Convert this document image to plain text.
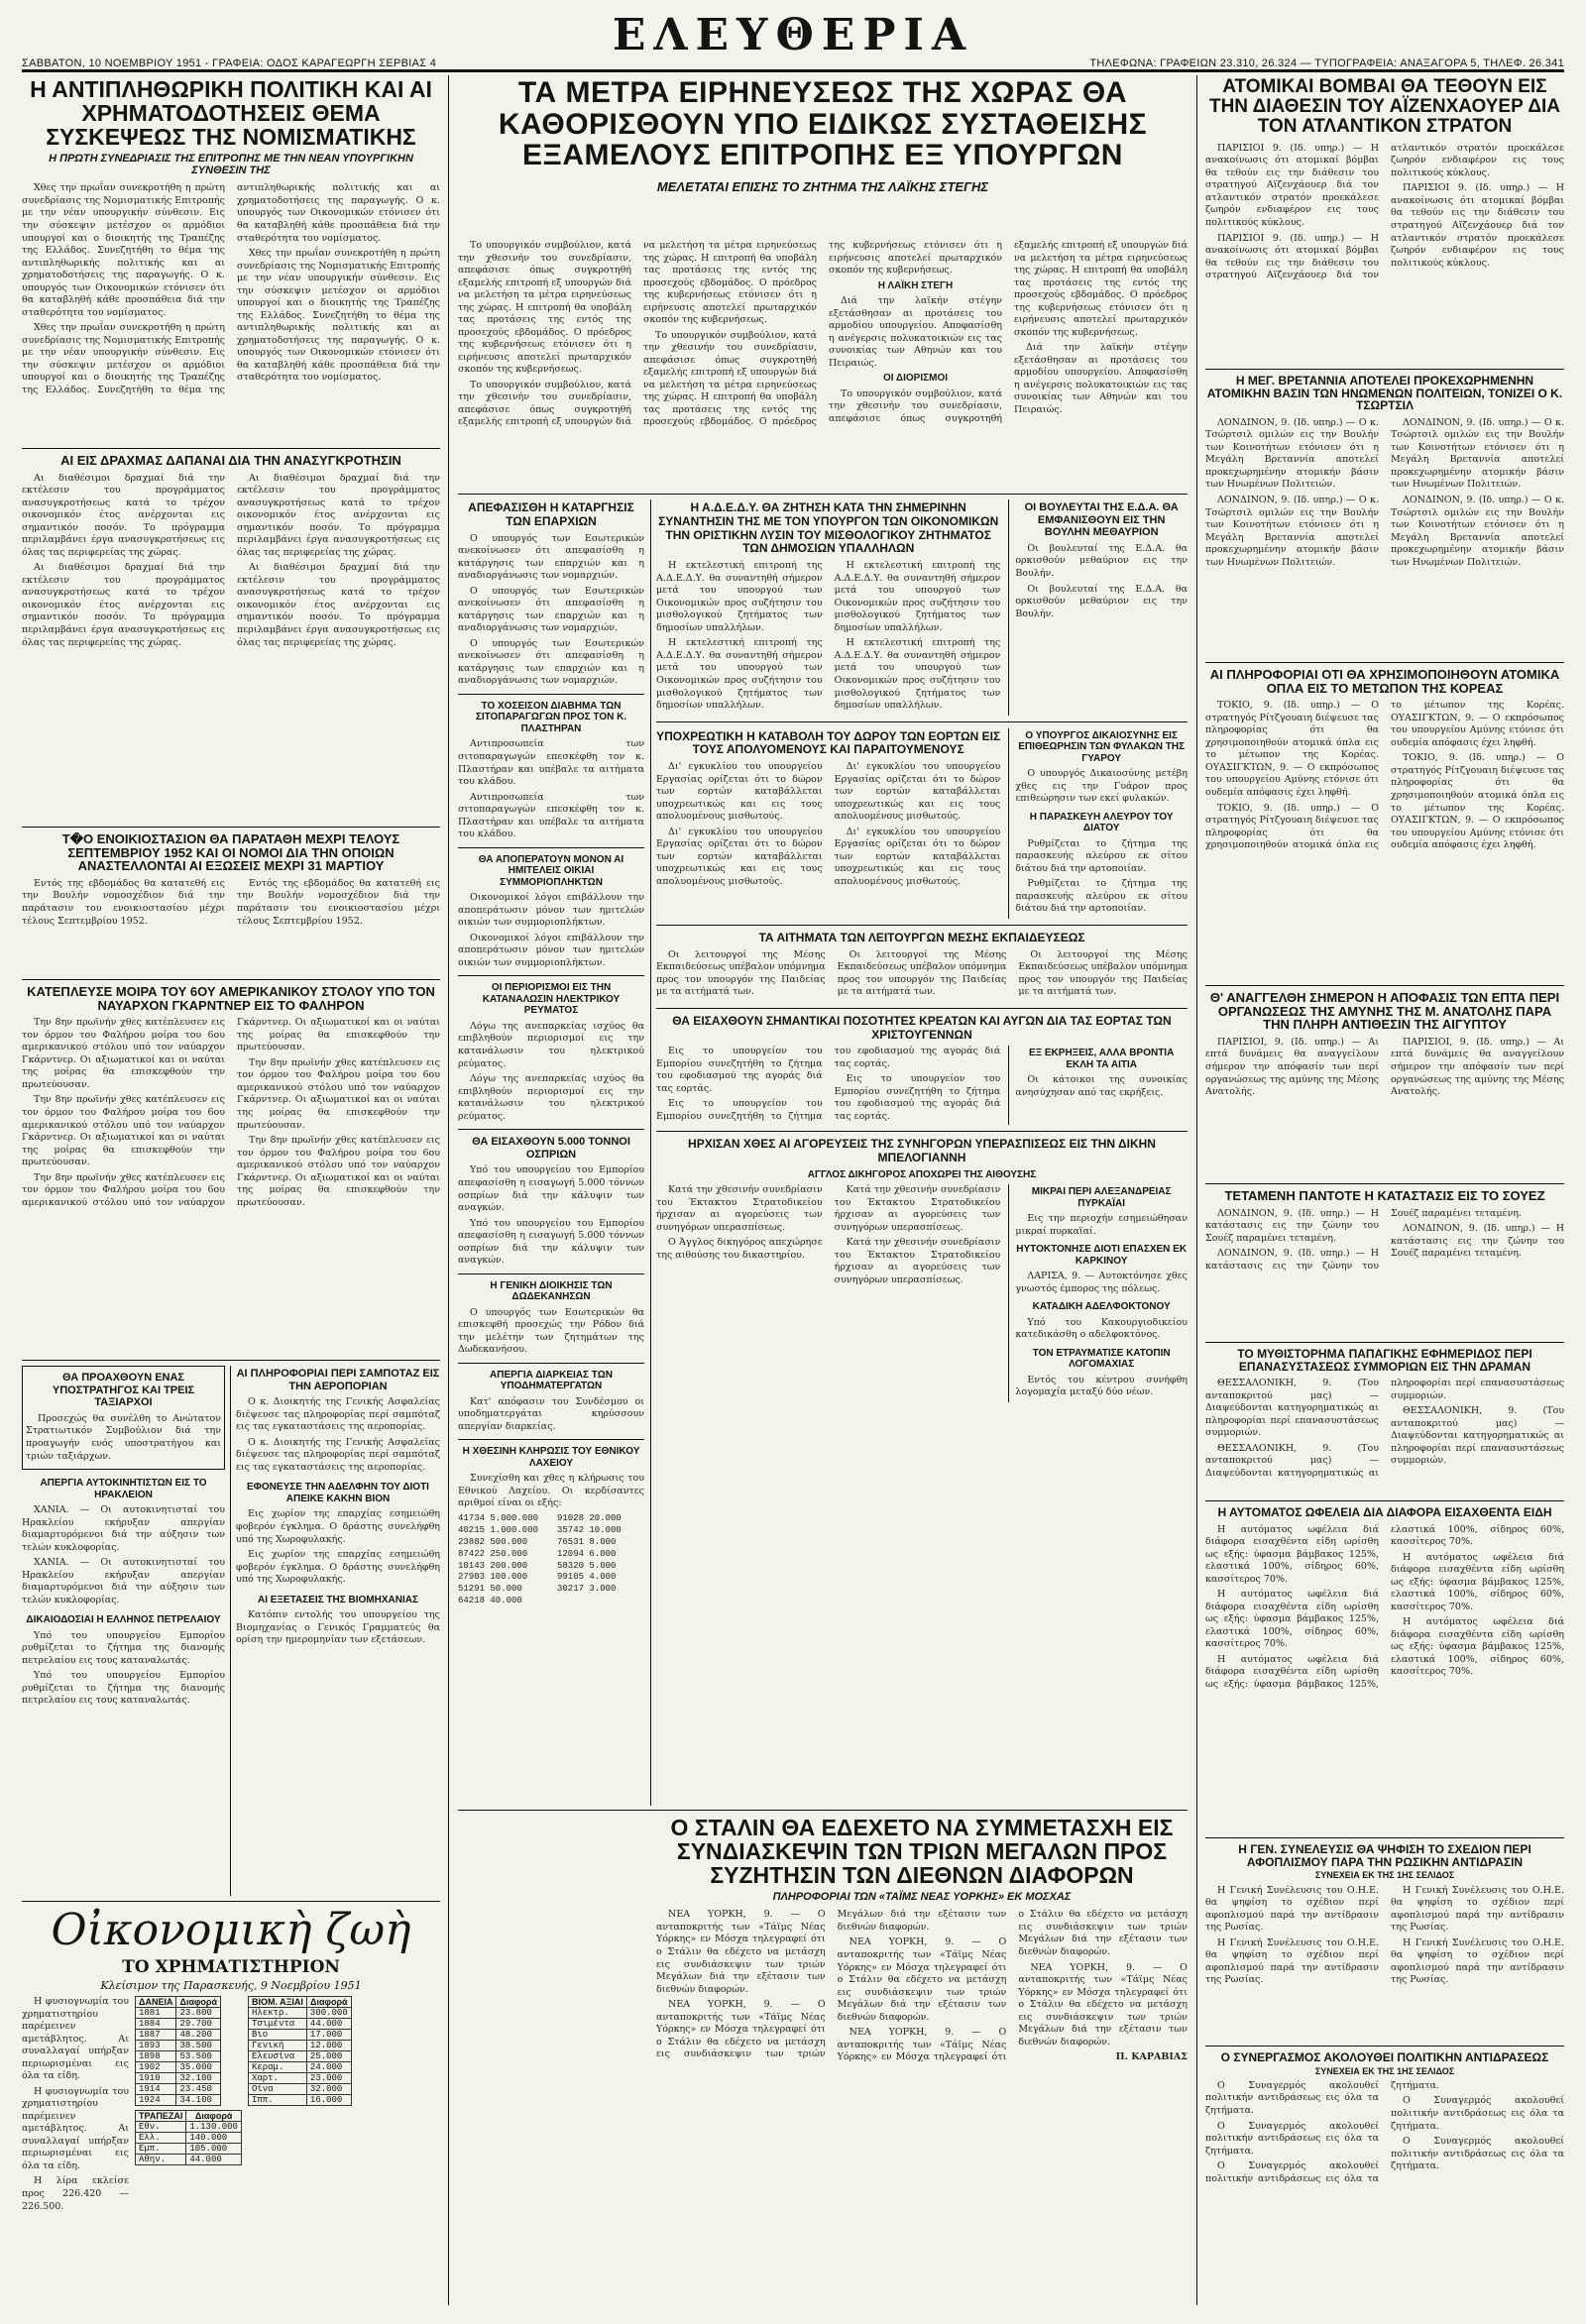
ΣΑΒΒΑΤΟΝ, 10 ΝΟΕΜΒΡΙΟΥ 1951 - ΓΡΑΦΕΙΑ: ΟΔΟΣ ΚΑΡΑΓΕΩΡΓΗ ΣΕΡΒΙΑΣ 4
ΕΛΕΥΘΕΡΙΑ
ΤΗΛΕΦΩΝΑ: ΓΡΑΦΕΙΩΝ 23.310, 26.324 — ΤΥΠΟΓΡΑΦΕΙΑ: ΑΝΑΞΑΓΟΡΑ 5, ΤΗΛΕΦ. 26.341
Η ΑΝΤΙΠΛΗΘΩΡΙΚΗ ΠΟΛΙΤΙΚΗ ΚΑΙ ΑΙ ΧΡΗΜΑΤΟΔΟΤΗΣΕΙΣ ΘΕΜΑ ΣΥΣΚΕΨΕΩΣ ΤΗΣ ΝΟΜΙΣΜΑΤΙΚΗΣ
Η ΠΡΩΤΗ ΣΥΝΕΔΡΙΑΣΙΣ ΤΗΣ ΕΠΙΤΡΟΠΗΣ ΜΕ ΤΗΝ ΝΕΑΝ ΥΠΟΥΡΓΙΚΗΝ ΣΥΝΘΕΣΙΝ ΤΗΣ

Χθες την πρωΐαν συνεκροτήθη η πρώτη συνεδρίασις της Νομισματικής Επιτροπής με την νέαν υπουργικήν σύνθεσιν. Εις την σύσκεψιν μετέσχον οι αρμόδιοι υπουργοί και ο διοικητής της Τραπέζης της Ελλάδος. Συνεζητήθη το θέμα της αντιπληθωρικής πολιτικής και αι χρηματοδοτήσεις της παραγωγής. Ο κ. υπουργός των Οικονομικών ετόνισεν ότι θα καταβληθή κάθε προσπάθεια διά την σταθερότητα του νομίσματος.

Χθες την πρωΐαν συνεκροτήθη η πρώτη συνεδρίασις της Νομισματικής Επιτροπής με την νέαν υπουργικήν σύνθεσιν. Εις την σύσκεψιν μετέσχον οι αρμόδιοι υπουργοί και ο διοικητής της Τραπέζης της Ελλάδος. Συνεζητήθη το θέμα της αντιπληθωρικής πολιτικής και αι χρηματοδοτήσεις της παραγωγής. Ο κ. υπουργός των Οικονομικών ετόνισεν ότι θα καταβληθή κάθε προσπάθεια διά την σταθερότητα του νομίσματος.

Χθες την πρωΐαν συνεκροτήθη η πρώτη συνεδρίασις της Νομισματικής Επιτροπής με την νέαν υπουργικήν σύνθεσιν. Εις την σύσκεψιν μετέσχον οι αρμόδιοι υπουργοί και ο διοικητής της Τραπέζης της Ελλάδος. Συνεζητήθη το θέμα της αντιπληθωρικής πολιτικής και αι χρηματοδοτήσεις της παραγωγής. Ο κ. υπουργός των Οικονομικών ετόνισεν ότι θα καταβληθή κάθε προσπάθεια διά την σταθερότητα του νομίσματος.

ΑΙ ΕΙΣ ΔΡΑΧΜΑΣ ΔΑΠΑΝΑΙ ΔΙΑ ΤΗΝ ΑΝΑΣΥΓΚΡΟΤΗΣΙΝ

Αι διαθέσιμοι δραχμαί διά την εκτέλεσιν του προγράμματος ανασυγκροτήσεως κατά το τρέχον οικονομικόν έτος ανέρχονται εις σημαντικόν ποσόν. Το πρόγραμμα περιλαμβάνει έργα ανασυγκροτήσεως εις όλας τας περιφερείας της χώρας.

Αι διαθέσιμοι δραχμαί διά την εκτέλεσιν του προγράμματος ανασυγκροτήσεως κατά το τρέχον οικονομικόν έτος ανέρχονται εις σημαντικόν ποσόν. Το πρόγραμμα περιλαμβάνει έργα ανασυγκροτήσεως εις όλας τας περιφερείας της χώρας.

Αι διαθέσιμοι δραχμαί διά την εκτέλεσιν του προγράμματος ανασυγκροτήσεως κατά το τρέχον οικονομικόν έτος ανέρχονται εις σημαντικόν ποσόν. Το πρόγραμμα περιλαμβάνει έργα ανασυγκροτήσεως εις όλας τας περιφερείας της χώρας.

Αι διαθέσιμοι δραχμαί διά την εκτέλεσιν του προγράμματος ανασυγκροτήσεως κατά το τρέχον οικονομικόν έτος ανέρχονται εις σημαντικόν ποσόν. Το πρόγραμμα περιλαμβάνει έργα ανασυγκροτήσεως εις όλας τας περιφερείας της χώρας.

Τ�O ΕΝΟΙΚΙΟΣΤΑΣΙΟΝ ΘΑ ΠΑΡΑΤΑΘΗ ΜΕΧΡΙ ΤΕΛΟΥΣ ΣΕΠΤΕΜΒΡΙΟΥ 1952 ΚΑΙ ΟΙ ΝΟΜΟΙ ΔΙΑ ΤΗΝ ΟΠΟΙΩΝ ΑΝΑΣΤΕΛΛΟΝΤΑΙ ΑΙ ΕΞΩΣΕΙΣ ΜΕΧΡΙ 31 ΜΑΡΤΙΟΥ

Εντός της εβδομάδος θα κατατεθή εις την Βουλήν νομοσχέδιον διά την παράτασιν του ενοικιοστασίου μέχρι τέλους Σεπτεμβρίου 1952.

Εντός της εβδομάδος θα κατατεθή εις την Βουλήν νομοσχέδιον διά την παράτασιν του ενοικιοστασίου μέχρι τέλους Σεπτεμβρίου 1952.

ΚΑΤΕΠΛΕΥΣΕ ΜΟΙΡΑ ΤΟΥ 6ΟΥ ΑΜΕΡΙΚΑΝΙΚΟΥ ΣΤΟΛΟΥ ΥΠΟ ΤΟΝ ΝΑΥΑΡΧΟΝ ΓΚΑΡΝΤΝΕΡ ΕΙΣ ΤΟ ΦΑΛΗΡΟΝ

Την 8ην πρωϊνήν χθες κατέπλευσεν εις τον όρμον του Φαλήρου μοίρα του 6ου αμερικανικού στόλου υπό τον ναύαρχον Γκάρντνερ. Οι αξιωματικοί και οι ναύται της μοίρας θα επισκεφθούν την πρωτεύουσαν.

Την 8ην πρωϊνήν χθες κατέπλευσεν εις τον όρμον του Φαλήρου μοίρα του 6ου αμερικανικού στόλου υπό τον ναύαρχον Γκάρντνερ. Οι αξιωματικοί και οι ναύται της μοίρας θα επισκεφθούν την πρωτεύουσαν.

Την 8ην πρωϊνήν χθες κατέπλευσεν εις τον όρμον του Φαλήρου μοίρα του 6ου αμερικανικού στόλου υπό τον ναύαρχον Γκάρντνερ. Οι αξιωματικοί και οι ναύται της μοίρας θα επισκεφθούν την πρωτεύουσαν.

Την 8ην πρωϊνήν χθες κατέπλευσεν εις τον όρμον του Φαλήρου μοίρα του 6ου αμερικανικού στόλου υπό τον ναύαρχον Γκάρντνερ. Οι αξιωματικοί και οι ναύται της μοίρας θα επισκεφθούν την πρωτεύουσαν.

Την 8ην πρωϊνήν χθες κατέπλευσεν εις τον όρμον του Φαλήρου μοίρα του 6ου αμερικανικού στόλου υπό τον ναύαρχον Γκάρντνερ. Οι αξιωματικοί και οι ναύται της μοίρας θα επισκεφθούν την πρωτεύουσαν.

ΘΑ ΠΡΟΑΧΘΟΥΝ ΕΝΑΣ ΥΠΟΣΤΡΑΤΗΓΟΣ ΚΑΙ ΤΡΕΙΣ ΤΑΞΙΑΡΧΟΙ

Προσεχώς θα συνέλθη το Ανώτατον Στρατιωτικόν Συμβούλιον διά την προαγωγήν ενός υποστρατήγου και τριών ταξιάρχων.

ΑΠΕΡΓΙΑ ΑΥΤΟΚΙΝΗΤΙΣΤΩΝ ΕΙΣ ΤΟ ΗΡΑΚΛΕΙΟΝ

ΧΑΝΙΑ. — Οι αυτοκινητισταί του Ηρακλείου εκήρυξαν απεργίαν διαμαρτυρόμενοι διά την αύξησιν των τελών κυκλοφορίας.

ΧΑΝΙΑ. — Οι αυτοκινητισταί του Ηρακλείου εκήρυξαν απεργίαν διαμαρτυρόμενοι διά την αύξησιν των τελών κυκλοφορίας.

ΔΙΚΑΙΟΔΟΣΙΑΙ Η ΕΛΛΗΝΟΣ ΠΕΤΡΕΛΑΙΟΥ

Υπό του υπουργείου Εμπορίου ρυθμίζεται το ζήτημα της διανομής πετρελαίου εις τους καταναλωτάς.

Υπό του υπουργείου Εμπορίου ρυθμίζεται το ζήτημα της διανομής πετρελαίου εις τους καταναλωτάς.

ΑΙ ΠΛΗΡΟΦΟΡΙΑΙ ΠΕΡΙ ΣΑΜΠΟΤΑΖ ΕΙΣ ΤΗΝ ΑΕΡΟΠΟΡΙΑΝ

Ο κ. Διοικητής της Γενικής Ασφαλείας διέψευσε τας πληροφορίας περί σαμπόταζ εις τας εγκαταστάσεις της αεροπορίας.

Ο κ. Διοικητής της Γενικής Ασφαλείας διέψευσε τας πληροφορίας περί σαμπόταζ εις τας εγκαταστάσεις της αεροπορίας.

ΕΦΟΝΕΥΣΕ ΤΗΝ ΑΔΕΛΦΗΝ ΤΟΥ ΔΙΟΤΙ ΑΠΕΙΚΕ ΚΑΚΗΝ ΒΙΟΝ

Εις χωρίον της επαρχίας εσημειώθη φοβερόν έγκλημα. Ο δράστης συνελήφθη υπό της Χωροφυλακής.

Εις χωρίον της επαρχίας εσημειώθη φοβερόν έγκλημα. Ο δράστης συνελήφθη υπό της Χωροφυλακής.

ΑΙ ΕΞΕΤΑΣΕΙΣ ΤΗΣ ΒΙΟΜΗΧΑΝΙΑΣ

Κατόπιν εντολής του υπουργείου της Βιομηχανίας ο Γενικός Γραμματεύς θα ορίση την ημερομηνίαν των εξετάσεων.

Οἰκονομικὴ ζωὴ
ΤΟ ΧΡΗΜΑΤΙΣΤΗΡΙΟΝ
Κλείσιμον της Παρασκευής, 9 Νοεμβρίου 1951

Η φυσιογνωμία του χρηματιστηρίου παρέμεινεν αμετάβλητος. Αι συναλλαγαί υπήρξαν περιωρισμέναι εις όλα τα είδη.

Η φυσιογνωμία του χρηματιστηρίου παρέμεινεν αμετάβλητος. Αι συναλλαγαί υπήρξαν περιωρισμέναι εις όλα τα είδη.

Η λίρα εκλείσε προς 226.420 — 226.500.

ΔΑΝΕΙΑ	Διαφορά
1881	23.800
1884	29.700
1887	48.200
1893	38.500
1898	53.500
1902	35.000
1910	32.100
1914	23.450
1924	34.100
ΤΡΑΠΕΖΑΙ	Διαφορά
Εθν.	1.130.000
Ελλ.	140.000
Εμπ.	105.000
Αθην.	44.000
ΒΙΟΜ. ΑΞΙΑΙ	Διαφορά
Ηλεκτρ.	300.000
Τσιμέντα	44.000
Βιο	17.000
Γενική	12.000
Ελευσίνα	25.000
Κεραμ.	24.000
Χαρτ.	23.000
Οίνα	32.000
Ιππ.	16.000
ΤΑ ΜΕΤΡΑ ΕΙΡΗΝΕΥΣΕΩΣ ΤΗΣ ΧΩΡΑΣ ΘΑ ΚΑΘΟΡΙΣΘΟΥΝ ΥΠΟ ΕΙΔΙΚΩΣ ΣΥΣΤΑΘΕΙΣΗΣ ΕΞΑΜΕΛΟΥΣ ΕΠΙΤΡΟΠΗΣ ΕΞ ΥΠΟΥΡΓΩΝ
ΜΕΛΕΤΑΤΑΙ ΕΠΙΣΗΣ ΤΟ ΖΗΤΗΜΑ ΤΗΣ ΛΑΪΚΗΣ ΣΤΕΓΗΣ

Το υπουργικόν συμβούλιον, κατά την χθεσινήν του συνεδρίασιν, απεφάσισε όπως συγκροτηθή εξαμελής επιτροπή εξ υπουργών διά να μελετήση τα μέτρα ειρηνεύσεως της χώρας. Η επιτροπή θα υποβάλη τας προτάσεις της εντός της προσεχούς εβδομάδος. Ο πρόεδρος της κυβερνήσεως ετόνισεν ότι η ειρήνευσις αποτελεί πρωταρχικόν σκοπόν της κυβερνήσεως.

Το υπουργικόν συμβούλιον, κατά την χθεσινήν του συνεδρίασιν, απεφάσισε όπως συγκροτηθή εξαμελής επιτροπή εξ υπουργών διά να μελετήση τα μέτρα ειρηνεύσεως της χώρας. Η επιτροπή θα υποβάλη τας προτάσεις της εντός της προσεχούς εβδομάδος. Ο πρόεδρος της κυβερνήσεως ετόνισεν ότι η ειρήνευσις αποτελεί πρωταρχικόν σκοπόν της κυβερνήσεως.

Το υπουργικόν συμβούλιον, κατά την χθεσινήν του συνεδρίασιν, απεφάσισε όπως συγκροτηθή εξαμελής επιτροπή εξ υπουργών διά να μελετήση τα μέτρα ειρηνεύσεως της χώρας. Η επιτροπή θα υποβάλη τας προτάσεις της εντός της προσεχούς εβδομάδος. Ο πρόεδρος της κυβερνήσεως ετόνισεν ότι η ειρήνευσις αποτελεί πρωταρχικόν σκοπόν της κυβερνήσεως.

Η ΛΑΪΚΗ ΣΤΕΓΗ

Διά την λαϊκήν στέγην εξετάσθησαν αι προτάσεις του αρμοδίου υπουργείου. Αποφασίσθη η ανέγερσις πολυκατοικιών εις τας συνοικίας των Αθηνών και του Πειραιώς.

ΟΙ ΔΙΟΡΙΣΜΟΙ

Το υπουργικόν συμβούλιον, κατά την χθεσινήν του συνεδρίασιν, απεφάσισε όπως συγκροτηθή εξαμελής επιτροπή εξ υπουργών διά να μελετήση τα μέτρα ειρηνεύσεως της χώρας. Η επιτροπή θα υποβάλη τας προτάσεις της εντός της προσεχούς εβδομάδος. Ο πρόεδρος της κυβερνήσεως ετόνισεν ότι η ειρήνευσις αποτελεί πρωταρχικόν σκοπόν της κυβερνήσεως.

Διά την λαϊκήν στέγην εξετάσθησαν αι προτάσεις του αρμοδίου υπουργείου. Αποφασίσθη η ανέγερσις πολυκατοικιών εις τας συνοικίας των Αθηνών και του Πειραιώς.

ΑΠΕΦΑΣΙΣΘΗ Η ΚΑΤΑΡΓΗΣΙΣ ΤΩΝ ΕΠΑΡΧΙΩΝ

Ο υπουργός των Εσωτερικών ανεκοίνωσεν ότι απεφασίσθη η κατάργησις των επαρχιών και η αναδιοργάνωσις των νομαρχιών.

Ο υπουργός των Εσωτερικών ανεκοίνωσεν ότι απεφασίσθη η κατάργησις των επαρχιών και η αναδιοργάνωσις των νομαρχιών.

Ο υπουργός των Εσωτερικών ανεκοίνωσεν ότι απεφασίσθη η κατάργησις των επαρχιών και η αναδιοργάνωσις των νομαρχιών.

ΤΟ ΧΟΣΕΙΣΟΝ ΔΙΑΒΗΜΑ ΤΩΝ ΣΙΤΟΠΑΡΑΓΩΓΩΝ ΠΡΟΣ ΤΟΝ Κ. ΠΛΑΣΤΗΡΑΝ

Αντιπροσωπεία των σιτοπαραγωγών επεσκέφθη τον κ. Πλαστήραν και υπέβαλε τα αιτήματα του κλάδου.

Αντιπροσωπεία των σιτοπαραγωγών επεσκέφθη τον κ. Πλαστήραν και υπέβαλε τα αιτήματα του κλάδου.

ΘΑ ΑΠΟΠΕΡΑΤΟΥΝ ΜΟΝΟΝ ΑΙ ΗΜΙΤΕΛΕΙΣ ΟΙΚΙΑΙ ΣΥΜΜΟΡΙΟΠΛΗΚΤΩΝ

Οικονομικοί λόγοι επιβάλλουν την αποπεράτωσιν μόνον των ημιτελών οικιών των συμμοριοπλήκτων.

Οικονομικοί λόγοι επιβάλλουν την αποπεράτωσιν μόνον των ημιτελών οικιών των συμμοριοπλήκτων.

ΟΙ ΠΕΡΙΟΡΙΣΜΟΙ ΕΙΣ ΤΗΝ ΚΑΤΑΝΑΛΩΣΙΝ ΗΛΕΚΤΡΙΚΟΥ ΡΕΥΜΑΤΟΣ

Λόγω της ανεπαρκείας ισχύος θα επιβληθούν περιορισμοί εις την κατανάλωσιν του ηλεκτρικού ρεύματος.

Λόγω της ανεπαρκείας ισχύος θα επιβληθούν περιορισμοί εις την κατανάλωσιν του ηλεκτρικού ρεύματος.

ΘΑ ΕΙΣΑΧΘΟΥΝ 5.000 ΤΟΝΝΟΙ ΟΣΠΡΙΩΝ

Υπό του υπουργείου του Εμπορίου απεφασίσθη η εισαγωγή 5.000 τόννων οσπρίων διά την κάλυψιν των αναγκών.

Υπό του υπουργείου του Εμπορίου απεφασίσθη η εισαγωγή 5.000 τόννων οσπρίων διά την κάλυψιν των αναγκών.

Η ΓΕΝΙΚΗ ΔΙΟΙΚΗΣΙΣ ΤΩΝ ΔΩΔΕΚΑΝΗΣΩΝ

Ο υπουργός των Εσωτερικών θα επισκεφθή προσεχώς την Ρόδον διά την μελέτην των ζητημάτων της Δωδεκανήσου.

ΑΠΕΡΓΙΑ ΔΙΑΡΚΕΙΑΣ ΤΩΝ ΥΠΟΔΗΜΑΤΕΡΓΑΤΩΝ

Κατ' απόφασιν του Συνδέσμου οι υποδηματεργάται κηρύσσουν απεργίαν διαρκείας.

Η ΧΘΕΣΙΝΗ ΚΛΗΡΩΣΙΣ ΤΟΥ ΕΘΝΙΚΟΥ ΛΑΧΕΙΟΥ

Συνεχίσθη και χθες η κλήρωσις του Εθνικού Λαχείου. Οι κερδίσαντες αριθμοί είναι οι εξής:

41734 5.000.000
40215 1.000.000
23882 500.000
87422 250.000
10143 200.000
27903 100.000
51291 50.000
64218 40.000
91028 20.000
35742 10.000
76531 8.000
12094 6.000
58320 5.000
99105 4.000
30217 3.000
Η Α.Δ.Ε.Δ.Υ. ΘΑ ΖΗΤΗΣΗ ΚΑΤΑ ΤΗΝ ΣΗΜΕΡΙΝΗΝ ΣΥΝΑΝΤΗΣΙΝ ΤΗΣ ΜΕ ΤΟΝ ΥΠΟΥΡΓΟΝ ΤΩΝ ΟΙΚΟΝΟΜΙΚΩΝ ΤΗΝ ΟΡΙΣΤΙΚΗΝ ΛΥΣΙΝ ΤΟΥ ΜΙΣΘΟΛΟΓΙΚΟΥ ΖΗΤΗΜΑΤΟΣ ΤΩΝ ΔΗΜΟΣΙΩΝ ΥΠΑΛΛΗΛΩΝ

Η εκτελεστική επιτροπή της Α.Δ.Ε.Δ.Υ. θα συναντηθή σήμερον μετά του υπουργού των Οικονομικών προς συζήτησιν του μισθολογικού ζητήματος των δημοσίων υπαλλήλων.

Η εκτελεστική επιτροπή της Α.Δ.Ε.Δ.Υ. θα συναντηθή σήμερον μετά του υπουργού των Οικονομικών προς συζήτησιν του μισθολογικού ζητήματος των δημοσίων υπαλλήλων.

Η εκτελεστική επιτροπή της Α.Δ.Ε.Δ.Υ. θα συναντηθή σήμερον μετά του υπουργού των Οικονομικών προς συζήτησιν του μισθολογικού ζητήματος των δημοσίων υπαλλήλων.

Η εκτελεστική επιτροπή της Α.Δ.Ε.Δ.Υ. θα συναντηθή σήμερον μετά του υπουργού των Οικονομικών προς συζήτησιν του μισθολογικού ζητήματος των δημοσίων υπαλλήλων.

ΟΙ ΒΟΥΛΕΥΤΑΙ ΤΗΣ Ε.Δ.Α. ΘΑ ΕΜΦΑΝΙΣΘΟΥΝ ΕΙΣ ΤΗΝ ΒΟΥΛΗΝ ΜΕΘΑΥΡΙΟΝ

Οι βουλευταί της Ε.Δ.Α. θα ορκισθούν μεθαύριον εις την Βουλήν.

Οι βουλευταί της Ε.Δ.Α. θα ορκισθούν μεθαύριον εις την Βουλήν.

ΥΠΟΧΡΕΩΤΙΚΗ Η ΚΑΤΑΒΟΛΗ ΤΟΥ ΔΩΡΟΥ ΤΩΝ ΕΟΡΤΩΝ ΕΙΣ ΤΟΥΣ ΑΠΟΛΥΟΜΕΝΟΥΣ ΚΑΙ ΠΑΡΑΙΤΟΥΜΕΝΟΥΣ

Δι' εγκυκλίου του υπουργείου Εργασίας ορίζεται ότι το δώρον των εορτών καταβάλλεται υποχρεωτικώς και εις τους απολυομένους μισθωτούς.

Δι' εγκυκλίου του υπουργείου Εργασίας ορίζεται ότι το δώρον των εορτών καταβάλλεται υποχρεωτικώς και εις τους απολυομένους μισθωτούς.

Δι' εγκυκλίου του υπουργείου Εργασίας ορίζεται ότι το δώρον των εορτών καταβάλλεται υποχρεωτικώς και εις τους απολυομένους μισθωτούς.

Δι' εγκυκλίου του υπουργείου Εργασίας ορίζεται ότι το δώρον των εορτών καταβάλλεται υποχρεωτικώς και εις τους απολυομένους μισθωτούς.

Ο ΥΠΟΥΡΓΟΣ ΔΙΚΑΙΟΣΥΝΗΣ ΕΙΣ ΕΠΙΘΕΩΡΗΣΙΝ ΤΩΝ ΦΥΛΑΚΩΝ ΤΗΣ ΓΥΑΡΟΥ

Ο υπουργός Δικαιοσύνης μετέβη χθες εις την Γυάρον προς επιθεώρησιν των εκεί φυλακών.

Η ΠΑΡΑΣΚΕΥΗ ΑΛΕΥΡΟΥ ΤΟΥ ΔΙΑΤΟΥ

Ρυθμίζεται το ζήτημα της παρασκευής αλεύρου εκ σίτου διάτου διά την αρτοποιίαν.

Ρυθμίζεται το ζήτημα της παρασκευής αλεύρου εκ σίτου διάτου διά την αρτοποιίαν.

ΤΑ ΑΙΤΗΜΑΤΑ ΤΩΝ ΛΕΙΤΟΥΡΓΩΝ ΜΕΣΗΣ ΕΚΠΑΙΔΕΥΣΕΩΣ

Οι λειτουργοί της Μέσης Εκπαιδεύσεως υπέβαλον υπόμνημα προς τον υπουργόν της Παιδείας με τα αιτήματά των.

Οι λειτουργοί της Μέσης Εκπαιδεύσεως υπέβαλον υπόμνημα προς τον υπουργόν της Παιδείας με τα αιτήματά των.

Οι λειτουργοί της Μέσης Εκπαιδεύσεως υπέβαλον υπόμνημα προς τον υπουργόν της Παιδείας με τα αιτήματά των.

ΘΑ ΕΙΣΑΧΘΟΥΝ ΣΗΜΑΝΤΙΚΑΙ ΠΟΣΟΤΗΤΕΣ ΚΡΕΑΤΩΝ ΚΑΙ ΑΥΓΩΝ ΔΙΑ ΤΑΣ ΕΟΡΤΑΣ ΤΩΝ ΧΡΙΣΤΟΥΓΕΝΝΩΝ

Εις το υπουργείον του Εμπορίου συνεζητήθη το ζήτημα του εφοδιασμού της αγοράς διά τας εορτάς.

Εις το υπουργείον του Εμπορίου συνεζητήθη το ζήτημα του εφοδιασμού της αγοράς διά τας εορτάς.

Εις το υπουργείον του Εμπορίου συνεζητήθη το ζήτημα του εφοδιασμού της αγοράς διά τας εορτάς.

ΕΞ ΕΚΡΗΞΕΙΣ, ΑΛΛΑ ΒΡΟΝΤΙΑ ΕΚΛΗ ΤΑ ΑΙΤΙΑ

Οι κάτοικοι της συνοικίας ανησύχησαν από τας εκρήξεις.

ΗΡΧΙΣΑΝ ΧΘΕΣ ΑΙ ΑΓΟΡΕΥΣΕΙΣ ΤΗΣ ΣΥΝΗΓΟΡΩΝ ΥΠΕΡΑΣΠΙΣΕΩΣ ΕΙΣ ΤΗΝ ΔΙΚΗΝ ΜΠΕΛΟΓΙΑΝΝΗ
ΑΓΓΛΟΣ ΔΙΚΗΓΟΡΟΣ ΑΠΟΧΩΡΕΙ ΤΗΣ ΑΙΘΟΥΣΗΣ

Κατά την χθεσινήν συνεδρίασιν του Έκτακτου Στρατοδικείου ήρχισαν αι αγορεύσεις των συνηγόρων υπερασπίσεως.

Ο Άγγλος δικηγόρος απεχώρησε της αιθούσης του δικαστηρίου.

Κατά την χθεσινήν συνεδρίασιν του Έκτακτου Στρατοδικείου ήρχισαν αι αγορεύσεις των συνηγόρων υπερασπίσεως.

Κατά την χθεσινήν συνεδρίασιν του Έκτακτου Στρατοδικείου ήρχισαν αι αγορεύσεις των συνηγόρων υπερασπίσεως.

ΜΙΚΡΑΙ ΠΕΡΙ ΑΛΕΞΑΝΔΡΕΙΑΣ ΠΥΡΚΑΪΑΙ

Εις την περιοχήν εσημειώθησαν μικραί πυρκαϊαί.

ΗΥΤΟΚΤΟΝΗΣΕ ΔΙΟΤΙ ΕΠΑΣΧΕΝ ΕΚ ΚΑΡΚΙΝΟΥ

ΛΑΡΙΣΑ, 9. — Αυτοκτόνησε χθες γνωστός έμπορος της πόλεως.

ΚΑΤΑΔΙΚΗ ΑΔΕΛΦΟΚΤΟΝΟΥ

Υπό του Κακουργιοδικείου κατεδικάσθη ο αδελφοκτόνος.

ΤΟΝ ΕΤΡΑΥΜΑΤΙΣΕ ΚΑΤΟΠΙΝ ΛΟΓΟΜΑΧΙΑΣ

Εντός του κέντρου συνήφθη λογομαχία μεταξύ δύο νέων.

Ο ΣΤΑΛΙΝ ΘΑ ΕΔΕΧΕΤΟ ΝΑ ΣΥΜΜΕΤΑΣΧΗ ΕΙΣ ΣΥΝΔΙΑΣΚΕΨΙΝ ΤΩΝ ΤΡΙΩΝ ΜΕΓΑΛΩΝ ΠΡΟΣ ΣΥΖΗΤΗΣΙΝ ΤΩΝ ΔΙΕΘΝΩΝ ΔΙΑΦΟΡΩΝ
ΠΛΗΡΟΦΟΡΙΑΙ ΤΩΝ «ΤΑΪΜΣ ΝΕΑΣ ΥΟΡΚΗΣ» ΕΚ ΜΟΣΧΑΣ

ΝΕΑ ΥΟΡΚΗ, 9. — Ο ανταποκριτής των «Τάϊμς Νέας Υόρκης» εν Μόσχα τηλεγραφεί ότι ο Στάλιν θα εδέχετο να μετάσχη εις συνδιάσκεψιν των τριών Μεγάλων διά την εξέτασιν των διεθνών διαφορών.

ΝΕΑ ΥΟΡΚΗ, 9. — Ο ανταποκριτής των «Τάϊμς Νέας Υόρκης» εν Μόσχα τηλεγραφεί ότι ο Στάλιν θα εδέχετο να μετάσχη εις συνδιάσκεψιν των τριών Μεγάλων διά την εξέτασιν των διεθνών διαφορών.

ΝΕΑ ΥΟΡΚΗ, 9. — Ο ανταποκριτής των «Τάϊμς Νέας Υόρκης» εν Μόσχα τηλεγραφεί ότι ο Στάλιν θα εδέχετο να μετάσχη εις συνδιάσκεψιν των τριών Μεγάλων διά την εξέτασιν των διεθνών διαφορών.

ΝΕΑ ΥΟΡΚΗ, 9. — Ο ανταποκριτής των «Τάϊμς Νέας Υόρκης» εν Μόσχα τηλεγραφεί ότι ο Στάλιν θα εδέχετο να μετάσχη εις συνδιάσκεψιν των τριών Μεγάλων διά την εξέτασιν των διεθνών διαφορών.

ΝΕΑ ΥΟΡΚΗ, 9. — Ο ανταποκριτής των «Τάϊμς Νέας Υόρκης» εν Μόσχα τηλεγραφεί ότι ο Στάλιν θα εδέχετο να μετάσχη εις συνδιάσκεψιν των τριών Μεγάλων διά την εξέτασιν των διεθνών διαφορών.

Π. ΚΑΡΑΒΙΑΣ

ΑΤΟΜΙΚΑΙ ΒΟΜΒΑΙ ΘΑ ΤΕΘΟΥΝ ΕΙΣ ΤΗΝ ΔΙΑΘΕΣΙΝ ΤΟΥ ΑΪΖΕΝΧΑΟΥΕΡ ΔΙΑ ΤΟΝ ΑΤΛΑΝΤΙΚΟΝ ΣΤΡΑΤΟΝ

ΠΑΡΙΣΙΟΙ 9. (Ιδ. υπηρ.) — Η ανακοίνωσις ότι ατομικαί βόμβαι θα τεθούν εις την διάθεσιν του στρατηγού Αϊζενχάουερ διά τον ατλαντικόν στρατόν προεκάλεσε ζωηρόν ενδιαφέρον εις τους πολιτικούς κύκλους.

ΠΑΡΙΣΙΟΙ 9. (Ιδ. υπηρ.) — Η ανακοίνωσις ότι ατομικαί βόμβαι θα τεθούν εις την διάθεσιν του στρατηγού Αϊζενχάουερ διά τον ατλαντικόν στρατόν προεκάλεσε ζωηρόν ενδιαφέρον εις τους πολιτικούς κύκλους.

ΠΑΡΙΣΙΟΙ 9. (Ιδ. υπηρ.) — Η ανακοίνωσις ότι ατομικαί βόμβαι θα τεθούν εις την διάθεσιν του στρατηγού Αϊζενχάουερ διά τον ατλαντικόν στρατόν προεκάλεσε ζωηρόν ενδιαφέρον εις τους πολιτικούς κύκλους.

Η ΜΕΓ. ΒΡΕΤΑΝΝΙΑ ΑΠΟΤΕΛΕΙ ΠΡΟΚΕΧΩΡΗΜΕΝΗΝ ΑΤΟΜΙΚΗΝ ΒΑΣΙΝ ΤΩΝ ΗΝΩΜΕΝΩΝ ΠΟΛΙΤΕΙΩΝ, ΤΟΝΙΖΕΙ Ο Κ. ΤΣΩΡΤΣΙΛ

ΛΟΝΔΙΝΟΝ, 9. (Ιδ. υπηρ.) — Ο κ. Τσώρτσιλ ομιλών εις την Βουλήν των Κοινοτήτων ετόνισεν ότι η Μεγάλη Βρεταννία αποτελεί προκεχωρημένην ατομικήν βάσιν των Ηνωμένων Πολιτειών.

ΛΟΝΔΙΝΟΝ, 9. (Ιδ. υπηρ.) — Ο κ. Τσώρτσιλ ομιλών εις την Βουλήν των Κοινοτήτων ετόνισεν ότι η Μεγάλη Βρεταννία αποτελεί προκεχωρημένην ατομικήν βάσιν των Ηνωμένων Πολιτειών.

ΛΟΝΔΙΝΟΝ, 9. (Ιδ. υπηρ.) — Ο κ. Τσώρτσιλ ομιλών εις την Βουλήν των Κοινοτήτων ετόνισεν ότι η Μεγάλη Βρεταννία αποτελεί προκεχωρημένην ατομικήν βάσιν των Ηνωμένων Πολιτειών.

ΛΟΝΔΙΝΟΝ, 9. (Ιδ. υπηρ.) — Ο κ. Τσώρτσιλ ομιλών εις την Βουλήν των Κοινοτήτων ετόνισεν ότι η Μεγάλη Βρεταννία αποτελεί προκεχωρημένην ατομικήν βάσιν των Ηνωμένων Πολιτειών.

ΑΙ ΠΛΗΡΟΦΟΡΙΑΙ ΟΤΙ ΘΑ ΧΡΗΣΙΜΟΠΟΙΗΘΟΥΝ ΑΤΟΜΙΚΑ ΟΠΛΑ ΕΙΣ ΤΟ ΜΕΤΩΠΟΝ ΤΗΣ ΚΟΡΕΑΣ

ΤΟΚΙΟ, 9. (Ιδ. υπηρ.) — Ο στρατηγός Ρίτζγουαιη διέψευσε τας πληροφορίας ότι θα χρησιμοποιηθούν ατομικά όπλα εις το μέτωπον της Κορέας. ΟΥΑΣΙΓΚΤΩΝ, 9. — Ο εκπρόσωπος του υπουργείου Αμύνης ετόνισε ότι ουδεμία απόφασις έχει ληφθή.

ΤΟΚΙΟ, 9. (Ιδ. υπηρ.) — Ο στρατηγός Ρίτζγουαιη διέψευσε τας πληροφορίας ότι θα χρησιμοποιηθούν ατομικά όπλα εις το μέτωπον της Κορέας. ΟΥΑΣΙΓΚΤΩΝ, 9. — Ο εκπρόσωπος του υπουργείου Αμύνης ετόνισε ότι ουδεμία απόφασις έχει ληφθή.

ΤΟΚΙΟ, 9. (Ιδ. υπηρ.) — Ο στρατηγός Ρίτζγουαιη διέψευσε τας πληροφορίας ότι θα χρησιμοποιηθούν ατομικά όπλα εις το μέτωπον της Κορέας. ΟΥΑΣΙΓΚΤΩΝ, 9. — Ο εκπρόσωπος του υπουργείου Αμύνης ετόνισε ότι ουδεμία απόφασις έχει ληφθή.

Θ' ΑΝΑΓΓΕΛΘΗ ΣΗΜΕΡΟΝ Η ΑΠΟΦΑΣΙΣ ΤΩΝ ΕΠΤΑ ΠΕΡΙ ΟΡΓΑΝΩΣΕΩΣ ΤΗΣ ΑΜΥΝΗΣ ΤΗΣ Μ. ΑΝΑΤΟΛΗΣ ΠΑΡΑ ΤΗΝ ΠΛΗΡΗ ΑΝΤΙΘΕΣΙΝ ΤΗΣ ΑΙΓΥΠΤΟΥ

ΠΑΡΙΣΙΟΙ, 9. (Ιδ. υπηρ.) — Αι επτά δυνάμεις θα αναγγείλουν σήμερον την απόφασίν των περί οργανώσεως της αμύνης της Μέσης Ανατολής.

ΠΑΡΙΣΙΟΙ, 9. (Ιδ. υπηρ.) — Αι επτά δυνάμεις θα αναγγείλουν σήμερον την απόφασίν των περί οργανώσεως της αμύνης της Μέσης Ανατολής.

ΤΕΤΑΜΕΝΗ ΠΑΝΤΟΤΕ Η ΚΑΤΑΣΤΑΣΙΣ ΕΙΣ ΤΟ ΣΟΥΕΖ

ΛΟΝΔΙΝΟΝ, 9. (Ιδ. υπηρ.) — Η κατάστασις εις την ζώνην του Σουέζ παραμένει τεταμένη.

ΛΟΝΔΙΝΟΝ, 9. (Ιδ. υπηρ.) — Η κατάστασις εις την ζώνην του Σουέζ παραμένει τεταμένη.

ΛΟΝΔΙΝΟΝ, 9. (Ιδ. υπηρ.) — Η κατάστασις εις την ζώνην του Σουέζ παραμένει τεταμένη.

ΤΟ ΜΥΘΙΣΤΟΡΗΜΑ ΠΑΠΑΓΙΚΗΣ ΕΦΗΜΕΡΙΔΟΣ ΠΕΡΙ ΕΠΑΝΑΣΥΣΤΑΣΕΩΣ ΣΥΜΜΟΡΙΩΝ ΕΙΣ ΤΗΝ ΔΡΑΜΑΝ

ΘΕΣΣΑΛΟΝΙΚΗ, 9. (Του ανταποκριτού μας) — Διαψεύδονται κατηγορηματικώς αι πληροφορίαι περί επανασυστάσεως συμμοριών.

ΘΕΣΣΑΛΟΝΙΚΗ, 9. (Του ανταποκριτού μας) — Διαψεύδονται κατηγορηματικώς αι πληροφορίαι περί επανασυστάσεως συμμοριών.

ΘΕΣΣΑΛΟΝΙΚΗ, 9. (Του ανταποκριτού μας) — Διαψεύδονται κατηγορηματικώς αι πληροφορίαι περί επανασυστάσεως συμμοριών.

Η ΑΥΤΟΜΑΤΟΣ ΩΦΕΛΕΙΑ ΔΙΑ ΔΙΑΦΟΡΑ ΕΙΣΑΧΘΕΝΤΑ ΕΙΔΗ

Η αυτόματος ωφέλεια διά διάφορα εισαχθέντα είδη ωρίσθη ως εξής: ύφασμα βάμβακος 125%, ελαστικά 100%, σίδηρος 60%, κασσίτερος 70%.

Η αυτόματος ωφέλεια διά διάφορα εισαχθέντα είδη ωρίσθη ως εξής: ύφασμα βάμβακος 125%, ελαστικά 100%, σίδηρος 60%, κασσίτερος 70%.

Η αυτόματος ωφέλεια διά διάφορα εισαχθέντα είδη ωρίσθη ως εξής: ύφασμα βάμβακος 125%, ελαστικά 100%, σίδηρος 60%, κασσίτερος 70%.

Η αυτόματος ωφέλεια διά διάφορα εισαχθέντα είδη ωρίσθη ως εξής: ύφασμα βάμβακος 125%, ελαστικά 100%, σίδηρος 60%, κασσίτερος 70%.

Η αυτόματος ωφέλεια διά διάφορα εισαχθέντα είδη ωρίσθη ως εξής: ύφασμα βάμβακος 125%, ελαστικά 100%, σίδηρος 60%, κασσίτερος 70%.

Η ΓΕΝ. ΣΥΝΕΛΕΥΣΙΣ ΘΑ ΨΗΦΙΣΗ ΤΟ ΣΧΕΔΙΟΝ ΠΕΡΙ ΑΦΟΠΛΙΣΜΟΥ ΠΑΡΑ ΤΗΝ ΡΩΣΙΚΗΝ ΑΝΤΙΔΡΑΣΙΝ
ΣΥΝΕΧΕΙΑ ΕΚ ΤΗΣ 1ΗΣ ΣΕΛΙΔΟΣ

Η Γενική Συνέλευσις του Ο.Η.Ε. θα ψηφίση το σχέδιον περί αφοπλισμού παρά την αντίδρασιν της Ρωσίας.

Η Γενική Συνέλευσις του Ο.Η.Ε. θα ψηφίση το σχέδιον περί αφοπλισμού παρά την αντίδρασιν της Ρωσίας.

Η Γενική Συνέλευσις του Ο.Η.Ε. θα ψηφίση το σχέδιον περί αφοπλισμού παρά την αντίδρασιν της Ρωσίας.

Η Γενική Συνέλευσις του Ο.Η.Ε. θα ψηφίση το σχέδιον περί αφοπλισμού παρά την αντίδρασιν της Ρωσίας.

Ο ΣΥΝΕΡΓΑΣΜΟΣ ΑΚΟΛΟΥΘΕΙ ΠΟΛΙΤΙΚΗΝ ΑΝΤΙΔΡΑΣΕΩΣ
ΣΥΝΕΧΕΙΑ ΕΚ ΤΗΣ 1ΗΣ ΣΕΛΙΔΟΣ

Ο Συναγερμός ακολουθεί πολιτικήν αντιδράσεως εις όλα τα ζητήματα.

Ο Συναγερμός ακολουθεί πολιτικήν αντιδράσεως εις όλα τα ζητήματα.

Ο Συναγερμός ακολουθεί πολιτικήν αντιδράσεως εις όλα τα ζητήματα.

Ο Συναγερμός ακολουθεί πολιτικήν αντιδράσεως εις όλα τα ζητήματα.

Ο Συναγερμός ακολουθεί πολιτικήν αντιδράσεως εις όλα τα ζητήματα.
